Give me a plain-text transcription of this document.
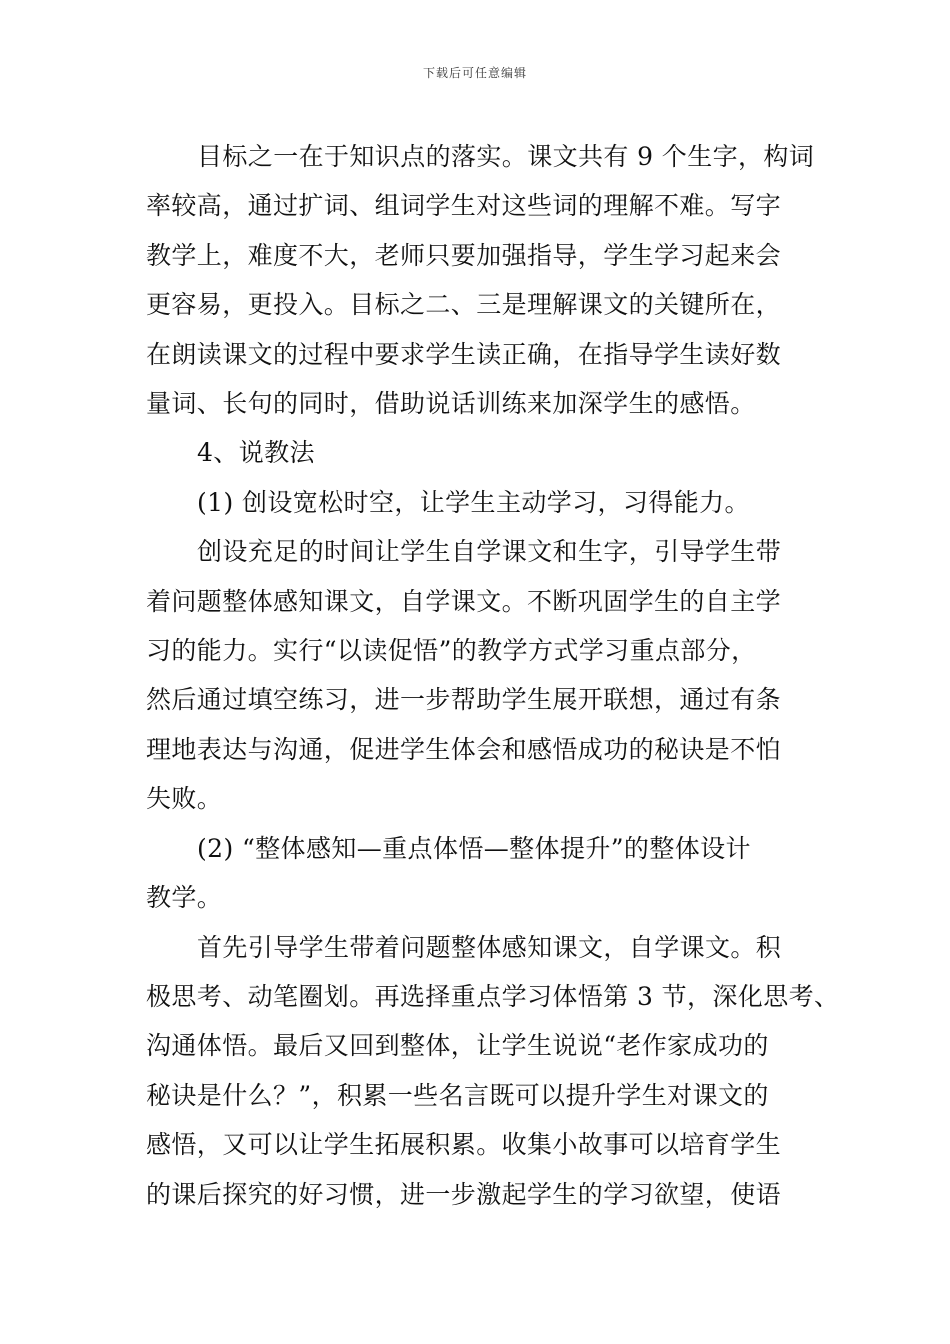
下载后可任意编辑
目标之一在于知识点的落实。课文共有 9 个生字，构词
率较高，通过扩词、组词学生对这些词的理解不难。写字
教学上，难度不大，老师只要加强指导，学生学习起来会
更容易，更投入。目标之二、三是理解课文的关键所在，
在朗读课文的过程中要求学生读正确，在指导学生读好数
量词、长句的同时，借助说话训练来加深学生的感悟。
4、说教法
(1) 创设宽松时空，让学生主动学习，习得能力。
创设充足的时间让学生自学课文和生字，引导学生带
着问题整体感知课文，自学课文。不断巩固学生的自主学
习的能力。实行“以读促悟”的教学方式学习重点部分，
然后通过填空练习，进一步帮助学生展开联想，通过有条
理地表达与沟通，促进学生体会和感悟成功的秘诀是不怕
失败。
(2) “整体感知—重点体悟—整体提升”的整体设计
教学。
首先引导学生带着问题整体感知课文，自学课文。积
极思考、动笔圈划。再选择重点学习体悟第 3 节，深化思考、
沟通体悟。最后又回到整体，让学生说说“老作家成功的
秘诀是什么？”，积累一些名言既可以提升学生对课文的
感悟，又可以让学生拓展积累。收集小故事可以培育学生
的课后探究的好习惯，进一步激起学生的学习欲望，使语
